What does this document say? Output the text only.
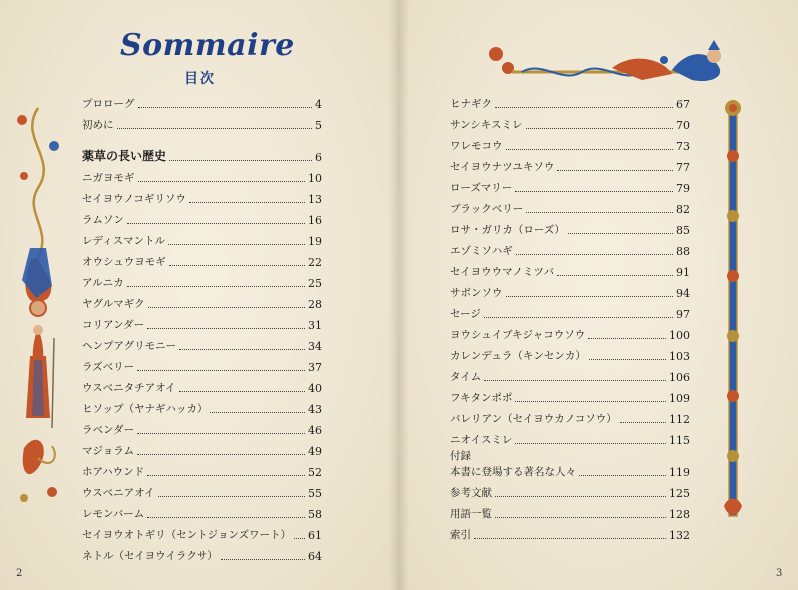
Sommaire
目次
プロローグ	4
初めに	5
薬草の長い歴史	6
ニガヨモギ	10
セイヨウノコギリソウ	13
ラムソン	16
レディスマントル	19
オウシュウヨモギ	22
アルニカ	25
ヤグルマギク	28
コリアンダー	31
ヘンプアグリモニー	34
ラズベリー	37
ウスベニタチアオイ	40
ヒソップ（ヤナギハッカ）	43
ラベンダー	46
マジョラム	49
ホアハウンド	52
ウスベニアオイ	55
レモンバーム	58
セイヨウオトギリ（セントジョンズワート） 61
ネトル（セイヨウイラクサ）	64
ヒナギク	67
サンシキスミレ	70
ワレモコウ	73
セイヨウナツユキソウ	77
ローズマリー	79
ブラックベリー	82
ロサ・ガリカ（ローズ）	85
エゾミソハギ	88
セイヨウウマノミツバ	91
サボンソウ	94
セージ	97
ヨウシュイブキジャコウソウ	100
カレンデュラ（キンセンカ）	103
タイム	106
フキタンポポ	109
バレリアン（セイヨウカノコソウ）	112
ニオイスミレ	115
付録
本書に登場する著名な人々	119
参考文献	125
用語一覧	128
索引	132
2	3
